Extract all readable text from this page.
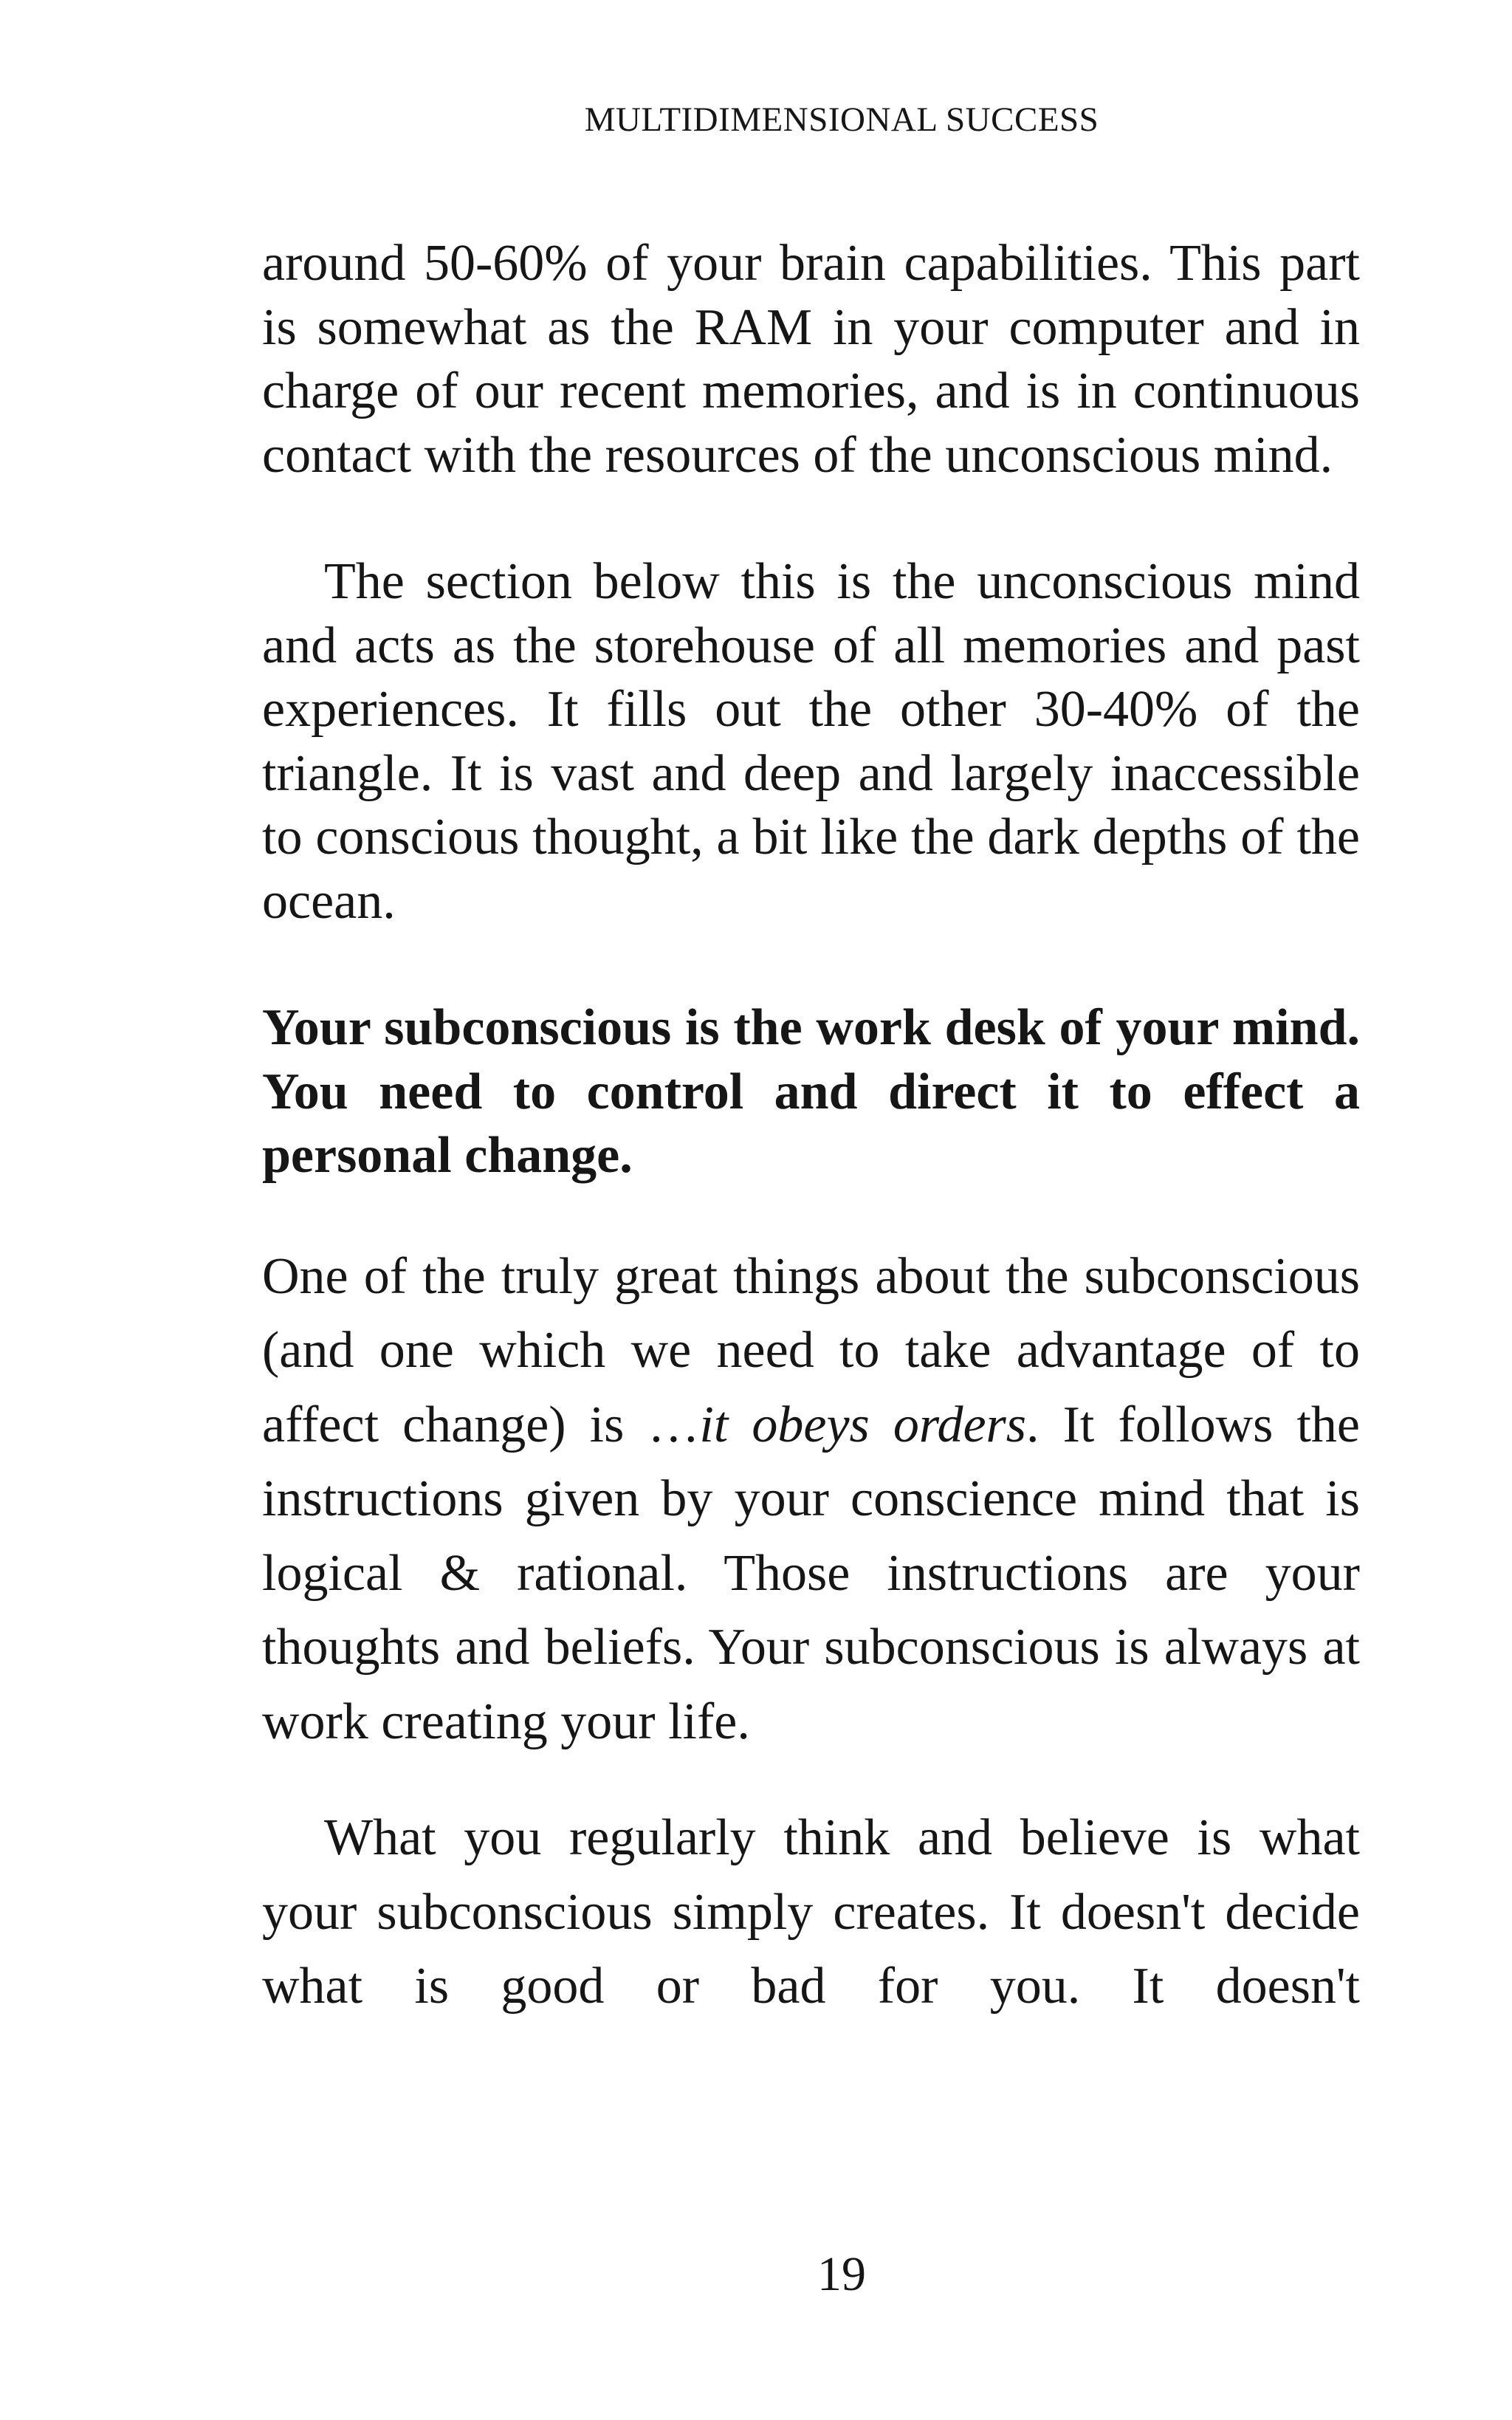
MULTIDIMENSIONAL SUCCESS

around 50-60% of your brain capabilities. This part is somewhat as the RAM in your computer and in charge of our recent memories, and is in continuous contact with the resources of the unconscious mind.

The section below this is the unconscious mind and acts as the storehouse of all memories and past experiences. It fills out the other 30-40% of the triangle. It is vast and deep and largely inaccessible to conscious thought, a bit like the dark depths of the ocean.

Your subconscious is the work desk of your mind. You need to control and direct it to effect a personal change.

One of the truly great things about the subconscious (and one which we need to take advantage of to affect change) is …it obeys orders. It follows the instructions given by your conscience mind that is logical & rational. Those instructions are your thoughts and beliefs. Your subconscious is always at work creating your life.

What you regularly think and believe is what your subconscious simply creates. It doesn't decide what is good or bad for you. It doesn't

19
